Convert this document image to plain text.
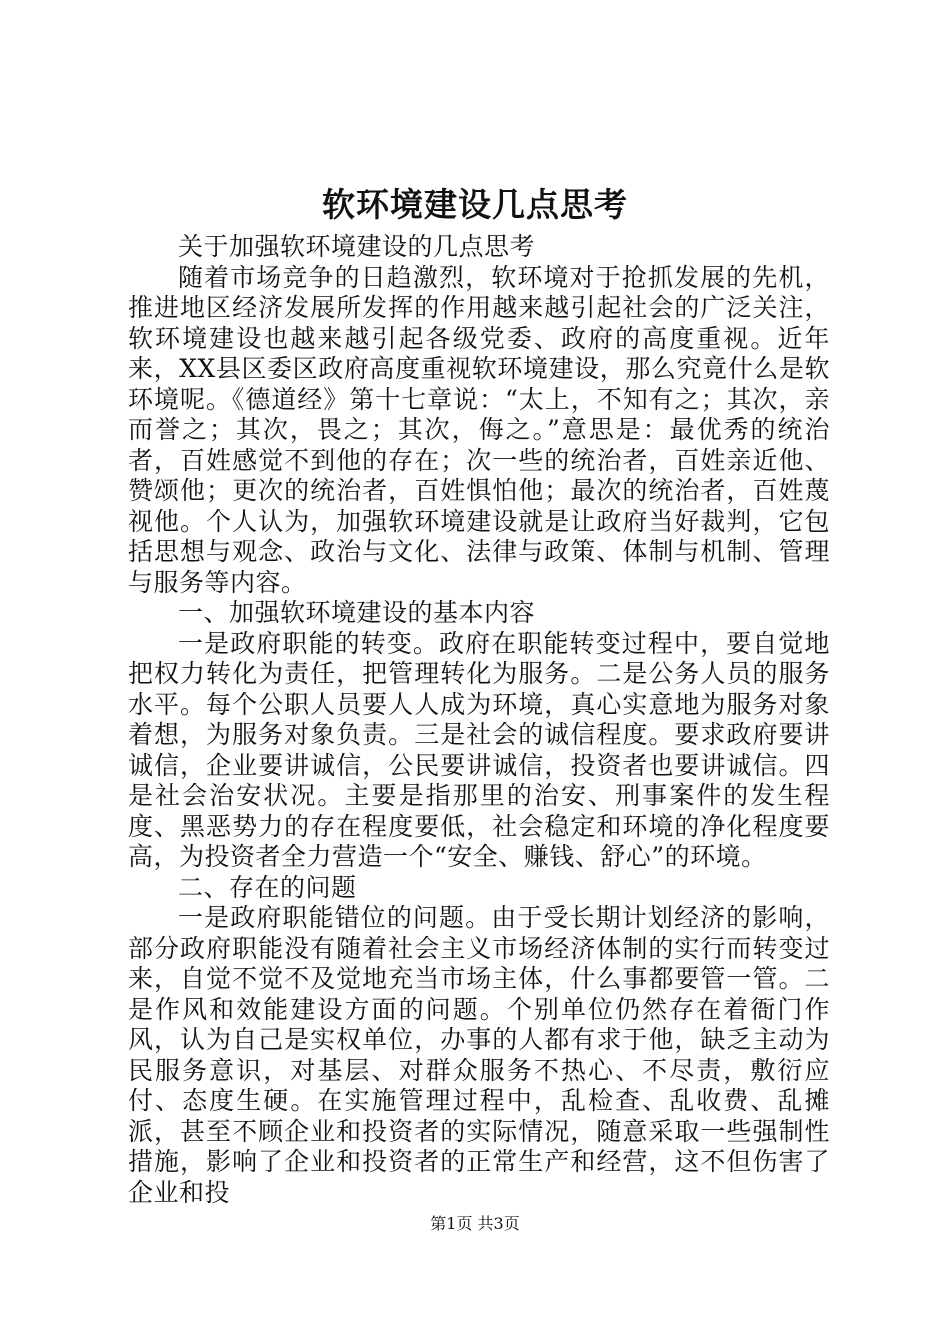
软环境建设几点思考

关于加强软环境建设的几点思考

随着市场竞争的日趋激烈，软环境对于抢抓发展的先机，推进地区经济发展所发挥的作用越来越引起社会的广泛关注，软环境建设也越来越引起各级党委、政府的高度重视。近年来，XX县区委区政府高度重视软环境建设，那么究竟什么是软环境呢。《德道经》第十七章说：“太上，不知有之；其次，亲而誉之；其次，畏之；其次，侮之。”意思是：最优秀的统治者，百姓感觉不到他的存在；次一些的统治者，百姓亲近他、赞颂他；更次的统治者，百姓惧怕他；最次的统治者，百姓蔑视他。个人认为，加强软环境建设就是让政府当好裁判，它包括思想与观念、政治与文化、法律与政策、体制与机制、管理与服务等内容。

一、加强软环境建设的基本内容

一是政府职能的转变。政府在职能转变过程中，要自觉地把权力转化为责任，把管理转化为服务。二是公务人员的服务水平。每个公职人员要人人成为环境，真心实意地为服务对象着想，为服务对象负责。三是社会的诚信程度。要求政府要讲诚信，企业要讲诚信，公民要讲诚信，投资者也要讲诚信。四是社会治安状况。主要是指那里的治安、刑事案件的发生程度、黑恶势力的存在程度要低，社会稳定和环境的净化程度要高，为投资者全力营造一个“安全、赚钱、舒心”的环境。

二、存在的问题

一是政府职能错位的问题。由于受长期计划经济的影响，部分政府职能没有随着社会主义市场经济体制的实行而转变过来，自觉不觉不及觉地充当市场主体，什么事都要管一管。二是作风和效能建设方面的问题。个别单位仍然存在着衙门作风，认为自己是实权单位，办事的人都有求于他，缺乏主动为民服务意识，对基层、对群众服务不热心、不尽责，敷衍应付、态度生硬。在实施管理过程中，乱检查、乱收费、乱摊派，甚至不顾企业和投资者的实际情况，随意采取一些强制性措施，影响了企业和投资者的正常生产和经营，这不但伤害了企业和投

第1页 共3页
